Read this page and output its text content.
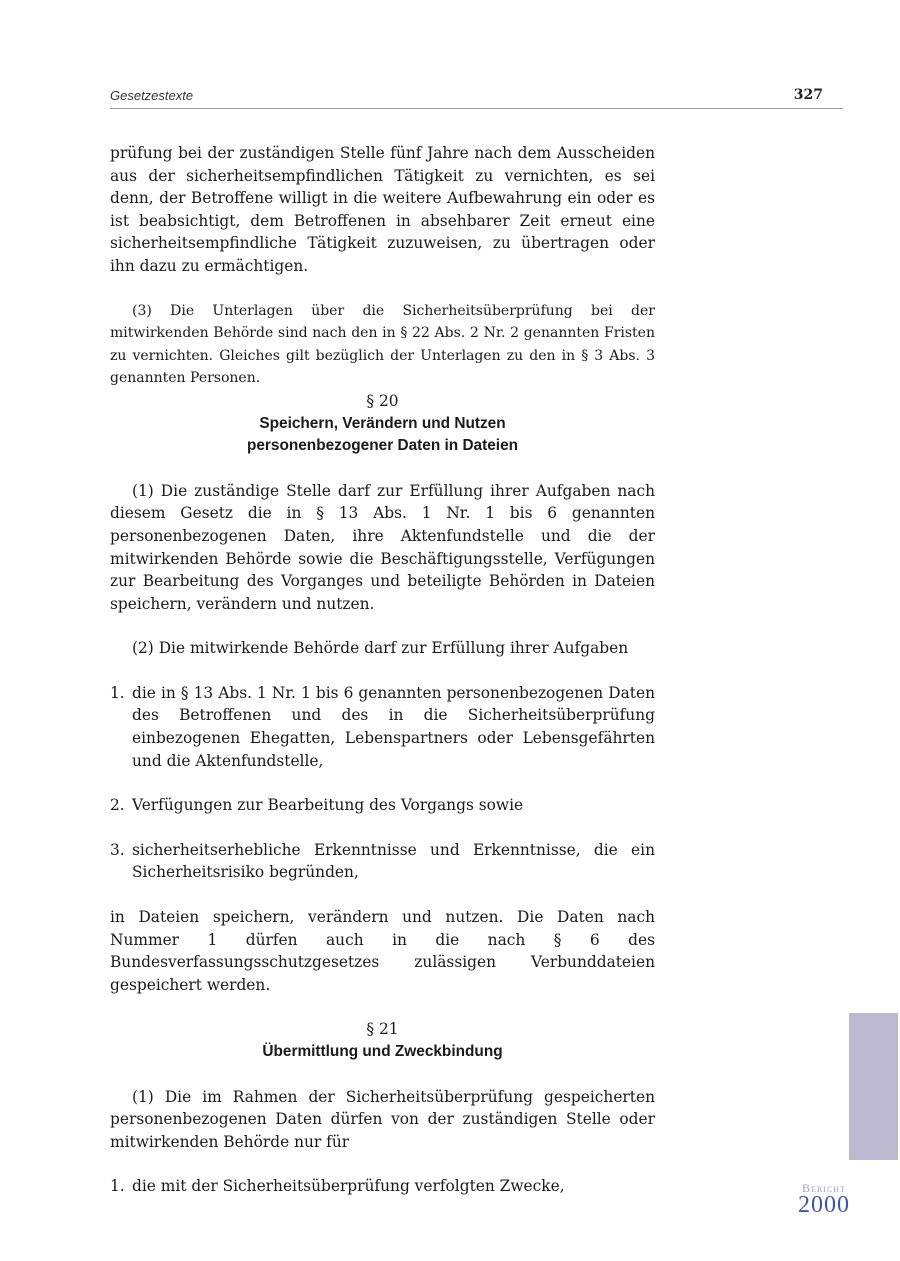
Gesetzestexte	327

prüfung bei der zuständigen Stelle fünf Jahre nach dem Ausscheiden aus der sicherheitsempfindlichen Tätigkeit zu vernichten, es sei denn, der Betroffene willigt in die weitere Aufbewahrung ein oder es ist beabsichtigt, dem Betroffenen in absehbarer Zeit erneut eine sicherheitsempfindliche Tätigkeit zuzuweisen, zu übertragen oder ihn dazu zu ermächtigen.

(3) Die Unterlagen über die Sicherheitsüberprüfung bei der mitwirkenden Behörde sind nach den in § 22 Abs. 2 Nr. 2 genannten Fristen zu vernichten. Gleiches gilt bezüglich der Unterlagen zu den in § 3 Abs. 3 genannten Personen.

§ 20
Speichern, Verändern und Nutzen
personenbezogener Daten in Dateien

(1) Die zuständige Stelle darf zur Erfüllung ihrer Aufgaben nach diesem Gesetz die in § 13 Abs. 1 Nr. 1 bis 6 genannten personenbezogenen Daten, ihre Aktenfundstelle und die der mitwirkenden Behörde sowie die Beschäftigungsstelle, Verfügungen zur Bearbeitung des Vorganges und beteiligte Behörden in Dateien speichern, verändern und nutzen.

(2) Die mitwirkende Behörde darf zur Erfüllung ihrer Aufgaben

1. die in § 13 Abs. 1 Nr. 1 bis 6 genannten personenbezogenen Daten des Betroffenen und des in die Sicherheitsüberprüfung einbezogenen Ehegatten, Lebenspartners oder Lebensgefährten und die Aktenfundstelle,
2. Verfügungen zur Bearbeitung des Vorgangs sowie
3. sicherheitserhebliche Erkenntnisse und Erkenntnisse, die ein Sicherheitsrisiko begründen,

in Dateien speichern, verändern und nutzen. Die Daten nach Nummer 1 dürfen auch in die nach § 6 des Bundesverfassungsschutzgesetzes zulässigen Verbunddateien gespeichert werden.

§ 21
Übermittlung und Zweckbindung

(1) Die im Rahmen der Sicherheitsüberprüfung gespeicherten personenbezogenen Daten dürfen von der zuständigen Stelle oder mitwirkenden Behörde nur für

1. die mit der Sicherheitsüberprüfung verfolgten Zwecke,	Bericht
2000
